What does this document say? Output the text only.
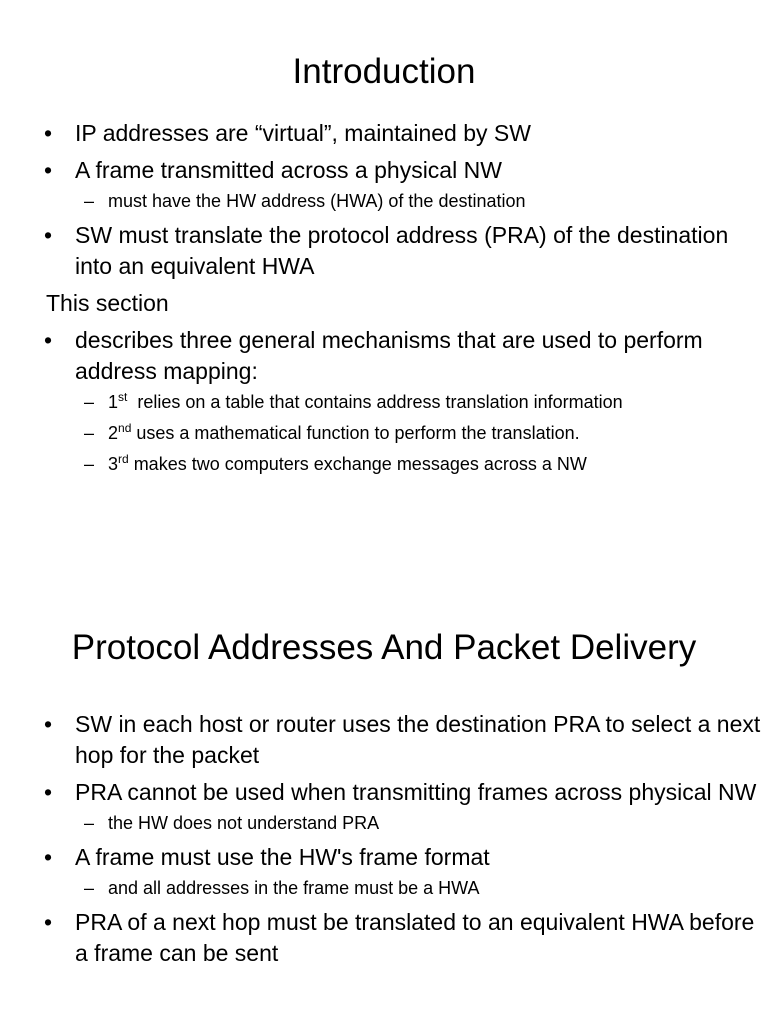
Introduction

• IP addresses are “virtual”, maintained by SW

• A frame transmitted across a physical NW

– must have the HW address (HWA) of the destination

• SW must translate the protocol address (PRA) of the destination into an equivalent HWA

This section

• describes three general mechanisms that are used to perform address mapping:

– 1st  relies on a table that contains address translation information

– 2nd uses a mathematical function to perform the translation.

– 3rd makes two computers exchange messages across a NW

Protocol Addresses And Packet Delivery

• SW in each host or router uses the destination PRA to select a next hop for the packet

• PRA cannot be used when transmitting frames across physical NW

– the HW does not understand PRA

• A frame must use the HW's frame format

– and all addresses in the frame must be a HWA

• PRA of a next hop must be translated to an equivalent HWA before a frame can be sent
